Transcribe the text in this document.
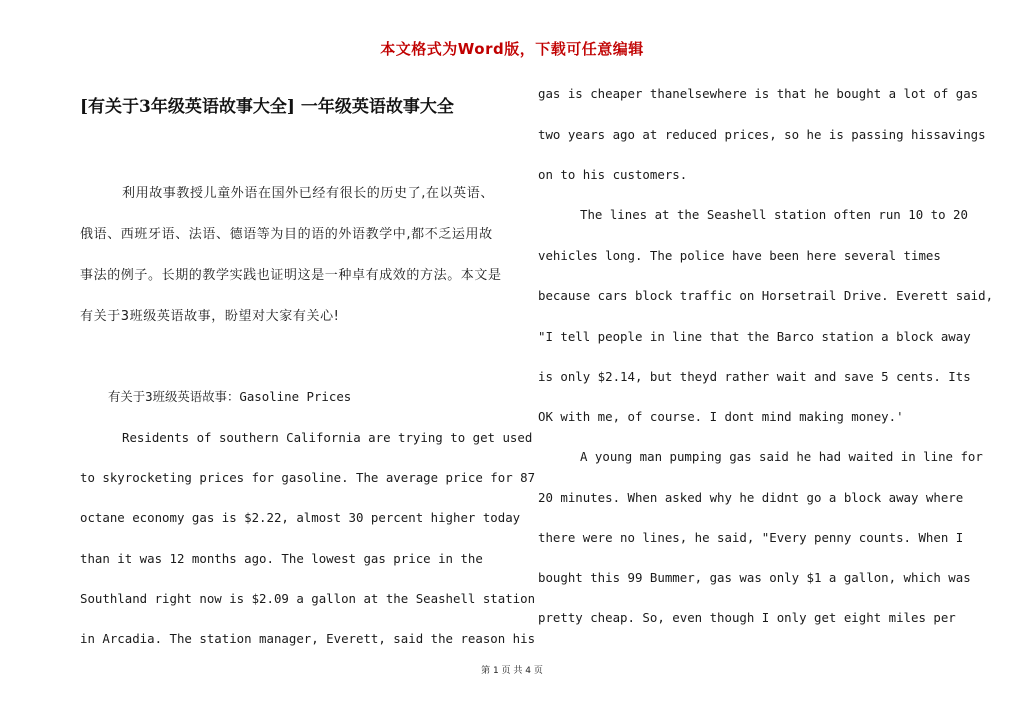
本文格式为Word版，下载可任意编辑
[有关于3年级英语故事大全] 一年级英语故事大全
利用故事教授儿童外语在国外已经有很长的历史了,在以英语、
俄语、西班牙语、法语、德语等为目的语的外语教学中,都不乏运用故
事法的例子。长期的教学实践也证明这是一种卓有成效的方法。本文是
有关于3班级英语故事，盼望对大家有关心!
有关于3班级英语故事：Gasoline Prices
Residents of southern California are trying to get used
to skyrocketing prices for gasoline. The average price for 87
octane economy gas is $2.22, almost 30 percent higher today
than it was 12 months ago. The lowest gas price in the
Southland right now is $2.09 a gallon at the Seashell station
in Arcadia. The station manager, Everett, said the reason his
gas is cheaper thanelsewhere is that he bought a lot of gas
two years ago at reduced prices, so he is passing hissavings
on to his customers.
The lines at the Seashell station often run 10 to 20
vehicles long. The police have been here several times
because cars block traffic on Horsetrail Drive. Everett said,
"I tell people in line that the Barco station a block away
is only $2.14, but theyd rather wait and save 5 cents. Its
OK with me, of course. I dont mind making money.'
A young man pumping gas said he had waited in line for
20 minutes. When asked why he didnt go a block away where
there were no lines, he said, "Every penny counts. When I
bought this 99 Bummer, gas was only $1 a gallon, which was
pretty cheap. So, even though I only get eight miles per
第 1 页 共 4 页
